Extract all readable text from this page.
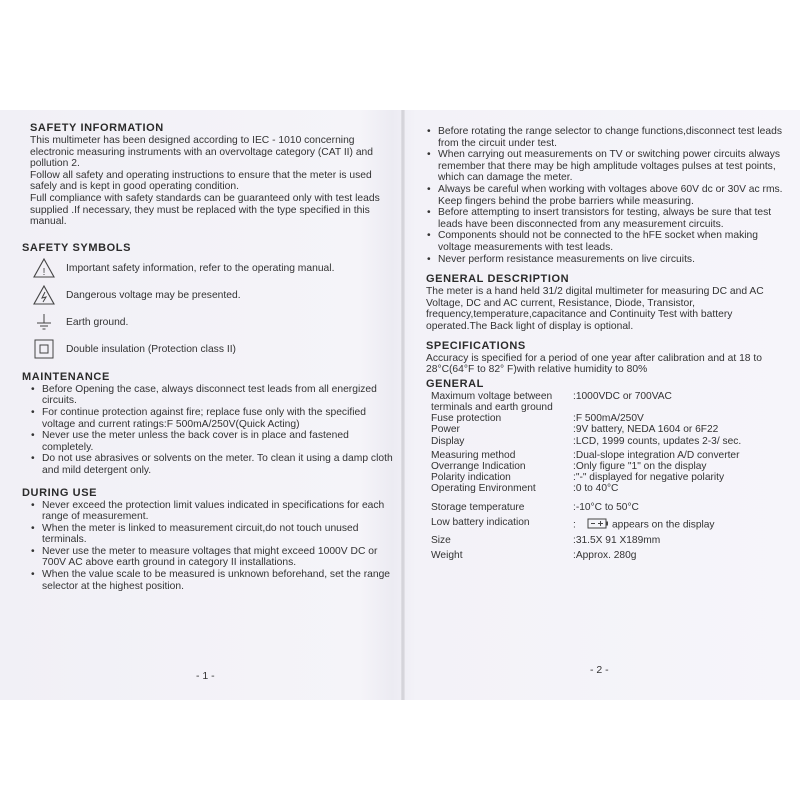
SAFETY INFORMATION

This multimeter has been designed according to IEC - 1010 concerning electronic measuring instruments with an overvoltage category (CAT II) and pollution 2.

Follow all safety and operating instructions to ensure that the meter is used safely and is kept in good operating condition.

Full compliance with safety standards can be guaranteed only with test leads supplied .If necessary, they must be replaced with the type specified in this manual.

SAFETY SYMBOLS

! Important safety information, refer to the operating manual.
Dangerous voltage may be presented.
Earth ground.
Double insulation (Protection class II)

MAINTENANCE

• Before Opening the case, always disconnect test leads from all energized circuits.
• For continue protection against fire; replace fuse only with the specified voltage and current ratings:F 500mA/250V(Quick Acting)
• Never use the meter unless the back cover is in place and fastened completely.
• Do not use abrasives or solvents on the meter. To clean it using a damp cloth and mild detergent only.

DURING USE

• Never exceed the protection limit values indicated in specifications for each range of measurement.
• When the meter is linked to measurement circuit,do not touch unused terminals.
• Never use the meter to measure voltages that might exceed 1000V DC or 700V AC above earth ground in category II installations.
• When the value scale to be measured is unknown beforehand, set the range selector at the highest position.
- 1 -
• Before rotating the range selector to change functions,disconnect test leads from the circuit under test.
• When carrying out measurements on TV or switching power circuits always remember that there may be high amplitude voltages pulses at test points, which can damage the meter.
• Always be careful when working with voltages above 60V dc or 30V ac rms. Keep fingers behind the probe barriers while measuring.
• Before attempting to insert transistors for testing, always be sure that test leads have been disconnected from any measurement circuits.
• Components should not be connected to the hFE socket when making voltage measurements with test leads.
• Never perform resistance measurements on live circuits.

GENERAL DESCRIPTION

The meter is a hand held 31/2 digital multimeter for measuring DC and AC Voltage, DC and AC current, Resistance, Diode, Transistor, frequency,temperature,capacitance and Continuity Test with battery operated.The Back light of display is optional.

SPECIFICATIONS

Accuracy is specified for a period of one year after calibration and at 18 to 28°C(64°F to 82° F)with relative humidity to 80%

GENERAL

Maximum voltage between terminals and earth ground	:1000VDC or 700VAC
Fuse protection	:F 500mA/250V
Power	:9V battery, NEDA 1604 or 6F22
Display	:LCD, 1999 counts, updates 2-3/ sec.
Measuring method	:Dual-slope integration A/D converter
Overrange Indication	:Only figure "1" on the display
Polarity indication	:"-" displayed for negative polarity
Operating Environment	:0 to 40°C
Storage temperature	:-10°C to 50°C
Low battery indication	: appears on the display
Size	:31.5X 91 X189mm
Weight	:Approx. 280g
- 2 -
